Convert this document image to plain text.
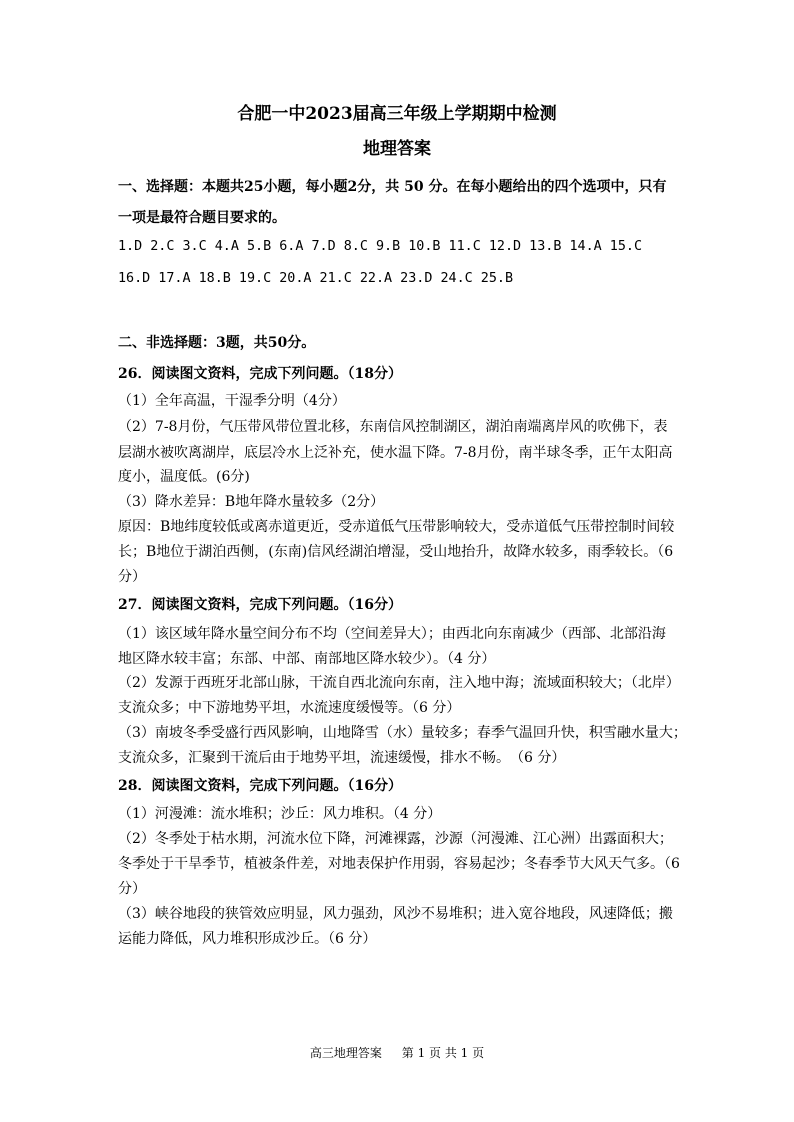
合肥一中2023届高三年级上学期期中检测
地理答案
一、选择题：本题共25小题，每小题2分，共 50 分。在每小题给出的四个选项中，只有
一项是最符合题目要求的。
1.D 2.C 3.C 4.A 5.B 6.A 7.D 8.C 9.B 10.B 11.C 12.D 13.B 14.A 15.C
16.D 17.A 18.B 19.C 20.A 21.C 22.A 23.D 24.C 25.B
二、非选择题：3题，共50分。
26．阅读图文资料，完成下列问题。（18分）
（1）全年高温，干湿季分明（4分）
（2）7-8月份，气压带风带位置北移，东南信风控制湖区，湖泊南端离岸风的吹佛下，表
层湖水被吹离湖岸，底层冷水上泛补充，使水温下降。7-8月份，南半球冬季，正午太阳高
度小，温度低。(6分)
（3）降水差异：B地年降水量较多（2分）
原因：B地纬度较低或离赤道更近，受赤道低气压带影响较大，受赤道低气压带控制时间较
长；B地位于湖泊西侧，(东南)信风经湖泊增湿，受山地抬升，故降水较多，雨季较长。（6
分）
27．阅读图文资料，完成下列问题。（16分）
（1）该区域年降水量空间分布不均（空间差异大）；由西北向东南减少（西部、北部沿海
地区降水较丰富；东部、中部、南部地区降水较少）。（4 分）
（2）发源于西班牙北部山脉，干流自西北流向东南，注入地中海；流域面积较大；（北岸）
支流众多；中下游地势平坦，水流速度缓慢等。（6 分）
（3）南坡冬季受盛行西风影响，山地降雪（水）量较多；春季气温回升快，积雪融水量大；
支流众多，汇聚到干流后由于地势平坦，流速缓慢，排水不畅。　（6 分）
28．阅读图文资料，完成下列问题。（16分）
（1）河漫滩：流水堆积；沙丘：风力堆积。（4 分）
（2）冬季处于枯水期，河流水位下降，河滩裸露，沙源（河漫滩、江心洲）出露面积大；
冬季处于干旱季节，植被条件差，对地表保护作用弱，容易起沙；冬春季节大风天气多。（6
分）
（3）峡谷地段的狭管效应明显，风力强劲，风沙不易堆积；进入宽谷地段，风速降低；搬
运能力降低，风力堆积形成沙丘。（6 分）
高三地理答案 第 1 页 共 1 页
